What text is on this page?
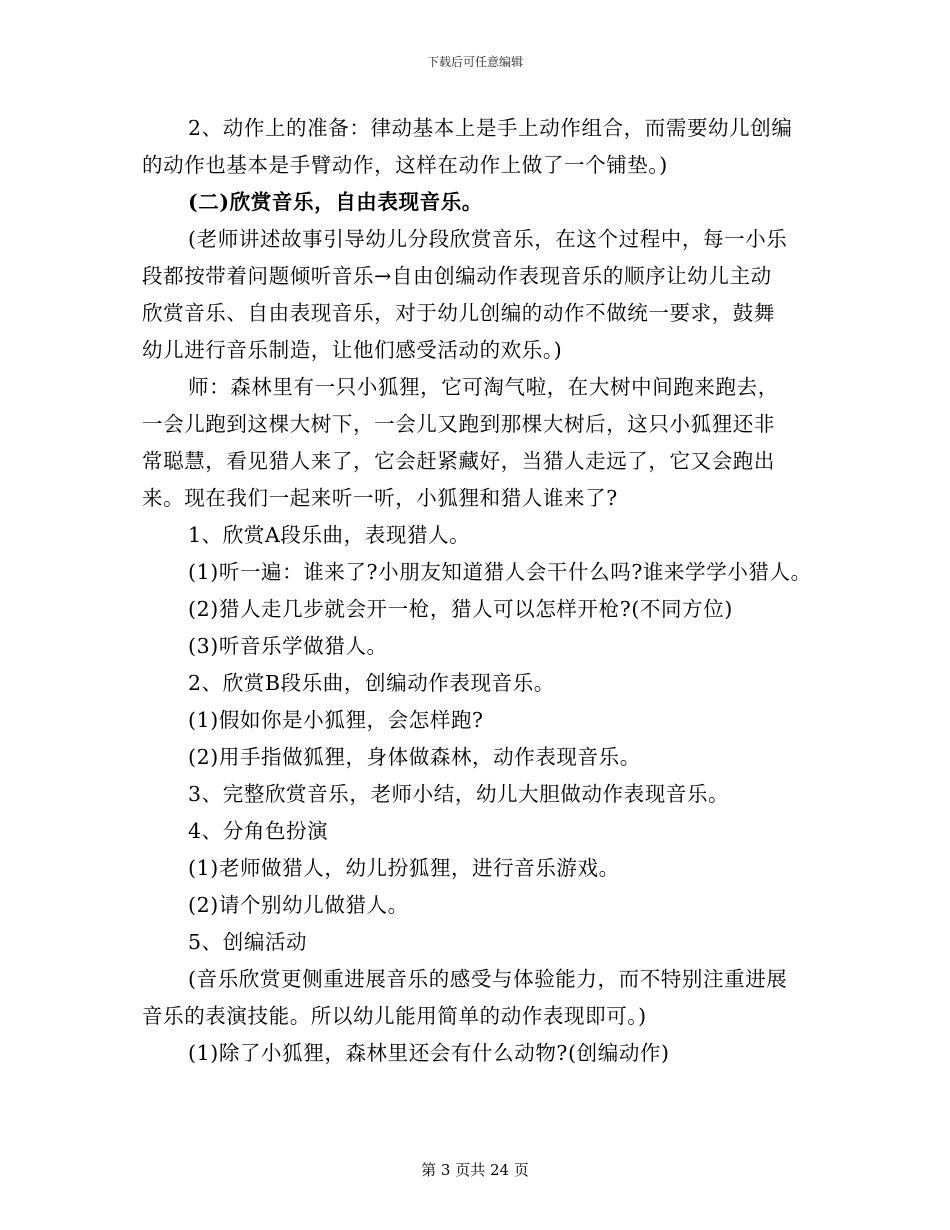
下载后可任意编辑
2、动作上的准备：律动基本上是手上动作组合，而需要幼儿创编
的动作也基本是手臂动作，这样在动作上做了一个铺垫。)
(二)欣赏音乐，自由表现音乐。
(老师讲述故事引导幼儿分段欣赏音乐，在这个过程中，每一小乐
段都按带着问题倾听音乐→自由创编动作表现音乐的顺序让幼儿主动
欣赏音乐、自由表现音乐，对于幼儿创编的动作不做统一要求，鼓舞
幼儿进行音乐制造，让他们感受活动的欢乐。)
师：森林里有一只小狐狸，它可淘气啦，在大树中间跑来跑去，
一会儿跑到这棵大树下，一会儿又跑到那棵大树后，这只小狐狸还非
常聪慧，看见猎人来了，它会赶紧藏好，当猎人走远了，它又会跑出
来。现在我们一起来听一听，小狐狸和猎人谁来了?
1、欣赏A段乐曲，表现猎人。
(1)听一遍：谁来了?小朋友知道猎人会干什么吗?谁来学学小猎人。
(2)猎人走几步就会开一枪，猎人可以怎样开枪?(不同方位)
(3)听音乐学做猎人。
2、欣赏B段乐曲，创编动作表现音乐。
(1)假如你是小狐狸，会怎样跑?
(2)用手指做狐狸，身体做森林，动作表现音乐。
3、完整欣赏音乐，老师小结，幼儿大胆做动作表现音乐。
4、分角色扮演
(1)老师做猎人，幼儿扮狐狸，进行音乐游戏。
(2)请个别幼儿做猎人。
5、创编活动
(音乐欣赏更侧重进展音乐的感受与体验能力，而不特别注重进展
音乐的表演技能。所以幼儿能用简单的动作表现即可。)
(1)除了小狐狸，森林里还会有什么动物?(创编动作)
第 3 页共 24 页
